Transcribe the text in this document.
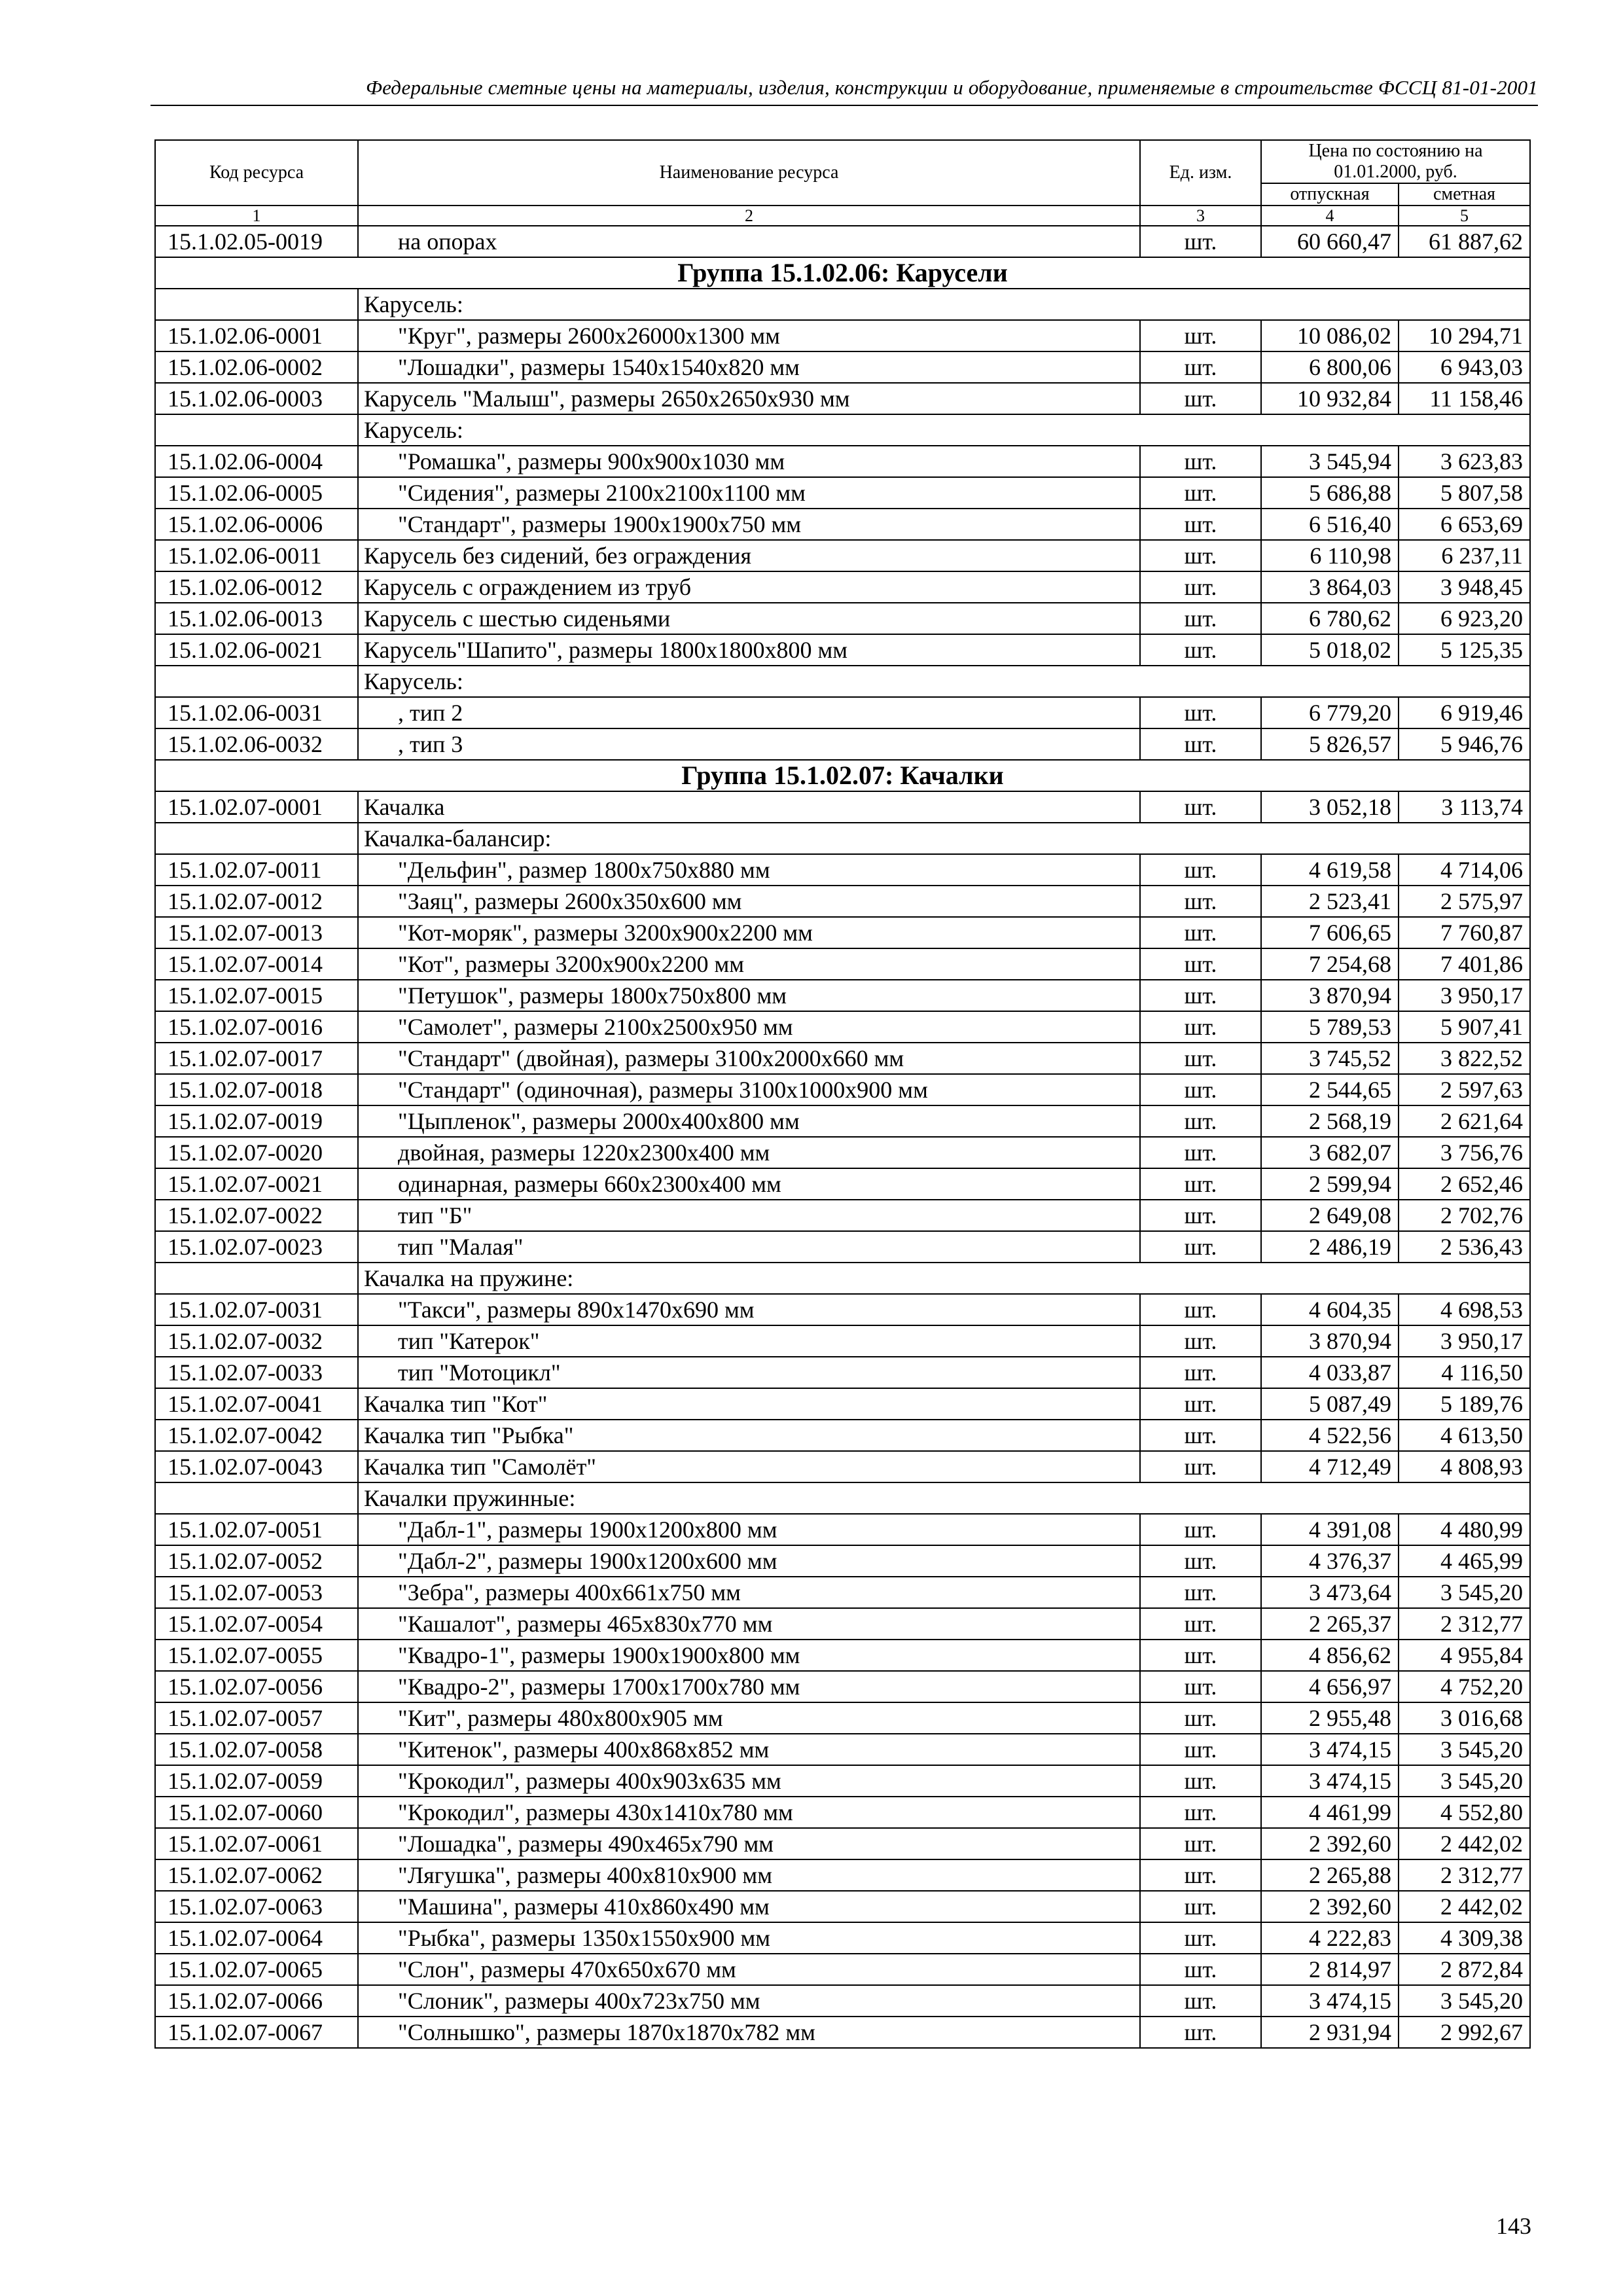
Федеральные сметные цены на материалы, изделия, конструкции и оборудование, применяемые в строительстве ФССЦ 81-01-2001
Код ресурса	Наименование ресурса	Ед. изм.	Цена по состоянию на 01.01.2000, руб.	
			отпускная	сметная
1	2	3	4	5
15.1.02.05-0019	на опорах	шт.	60 660,47	61 887,62
Группа 15.1.02.06: Карусели				
	Карусель:			
15.1.02.06-0001	"Круг", размеры 2600x26000x1300 мм	шт.	10 086,02	10 294,71
15.1.02.06-0002	"Лошадки", размеры 1540x1540x820 мм	шт.	6 800,06	6 943,03
15.1.02.06-0003	Карусель "Малыш", размеры 2650x2650x930 мм	шт.	10 932,84	11 158,46
	Карусель:			
15.1.02.06-0004	"Ромашка", размеры 900x900x1030 мм	шт.	3 545,94	3 623,83
15.1.02.06-0005	"Сидения", размеры 2100x2100x1100 мм	шт.	5 686,88	5 807,58
15.1.02.06-0006	"Стандарт", размеры 1900x1900x750 мм	шт.	6 516,40	6 653,69
15.1.02.06-0011	Карусель без сидений, без ограждения	шт.	6 110,98	6 237,11
15.1.02.06-0012	Карусель с ограждением из труб	шт.	3 864,03	3 948,45
15.1.02.06-0013	Карусель с шестью сиденьями	шт.	6 780,62	6 923,20
15.1.02.06-0021	Карусель"Шапито", размеры 1800x1800x800 мм	шт.	5 018,02	5 125,35
	Карусель:			
15.1.02.06-0031	, тип 2	шт.	6 779,20	6 919,46
15.1.02.06-0032	, тип 3	шт.	5 826,57	5 946,76
Группа 15.1.02.07: Качалки				
15.1.02.07-0001	Качалка	шт.	3 052,18	3 113,74
	Качалка-балансир:			
15.1.02.07-0011	"Дельфин", размер 1800x750x880 мм	шт.	4 619,58	4 714,06
15.1.02.07-0012	"Заяц", размеры 2600x350x600 мм	шт.	2 523,41	2 575,97
15.1.02.07-0013	"Кот-моряк", размеры 3200x900x2200 мм	шт.	7 606,65	7 760,87
15.1.02.07-0014	"Кот", размеры 3200x900x2200 мм	шт.	7 254,68	7 401,86
15.1.02.07-0015	"Петушок", размеры 1800x750x800 мм	шт.	3 870,94	3 950,17
15.1.02.07-0016	"Самолет", размеры 2100x2500x950 мм	шт.	5 789,53	5 907,41
15.1.02.07-0017	"Стандарт" (двойная), размеры 3100x2000x660 мм	шт.	3 745,52	3 822,52
15.1.02.07-0018	"Стандарт" (одиночная), размеры 3100x1000x900 мм	шт.	2 544,65	2 597,63
15.1.02.07-0019	"Цыпленок", размеры 2000x400x800 мм	шт.	2 568,19	2 621,64
15.1.02.07-0020	двойная, размеры 1220x2300x400 мм	шт.	3 682,07	3 756,76
15.1.02.07-0021	одинарная, размеры 660x2300x400 мм	шт.	2 599,94	2 652,46
15.1.02.07-0022	тип "Б"	шт.	2 649,08	2 702,76
15.1.02.07-0023	тип "Малая"	шт.	2 486,19	2 536,43
	Качалка на пружине:			
15.1.02.07-0031	"Такси", размеры 890x1470x690 мм	шт.	4 604,35	4 698,53
15.1.02.07-0032	тип "Катерок"	шт.	3 870,94	3 950,17
15.1.02.07-0033	тип "Мотоцикл"	шт.	4 033,87	4 116,50
15.1.02.07-0041	Качалка тип "Кот"	шт.	5 087,49	5 189,76
15.1.02.07-0042	Качалка тип "Рыбка"	шт.	4 522,56	4 613,50
15.1.02.07-0043	Качалка тип "Самолёт"	шт.	4 712,49	4 808,93
	Качалки пружинные:			
15.1.02.07-0051	"Дабл-1", размеры 1900x1200x800 мм	шт.	4 391,08	4 480,99
15.1.02.07-0052	"Дабл-2", размеры 1900x1200x600 мм	шт.	4 376,37	4 465,99
15.1.02.07-0053	"Зебра", размеры 400x661x750 мм	шт.	3 473,64	3 545,20
15.1.02.07-0054	"Кашалот", размеры 465x830x770 мм	шт.	2 265,37	2 312,77
15.1.02.07-0055	"Квадро-1", размеры 1900x1900x800 мм	шт.	4 856,62	4 955,84
15.1.02.07-0056	"Квадро-2", размеры 1700x1700x780 мм	шт.	4 656,97	4 752,20
15.1.02.07-0057	"Кит", размеры 480x800x905 мм	шт.	2 955,48	3 016,68
15.1.02.07-0058	"Китенок", размеры 400x868x852 мм	шт.	3 474,15	3 545,20
15.1.02.07-0059	"Крокодил", размеры 400x903x635 мм	шт.	3 474,15	3 545,20
15.1.02.07-0060	"Крокодил", размеры 430x1410x780 мм	шт.	4 461,99	4 552,80
15.1.02.07-0061	"Лошадка", размеры 490x465x790 мм	шт.	2 392,60	2 442,02
15.1.02.07-0062	"Лягушка", размеры 400x810x900 мм	шт.	2 265,88	2 312,77
15.1.02.07-0063	"Машина", размеры 410x860x490 мм	шт.	2 392,60	2 442,02
15.1.02.07-0064	"Рыбка", размеры 1350x1550x900 мм	шт.	4 222,83	4 309,38
15.1.02.07-0065	"Слон", размеры 470x650x670 мм	шт.	2 814,97	2 872,84
15.1.02.07-0066	"Слоник", размеры 400x723x750 мм	шт.	3 474,15	3 545,20
15.1.02.07-0067	"Солнышко", размеры 1870x1870x782 мм	шт.	2 931,94	2 992,67
143
